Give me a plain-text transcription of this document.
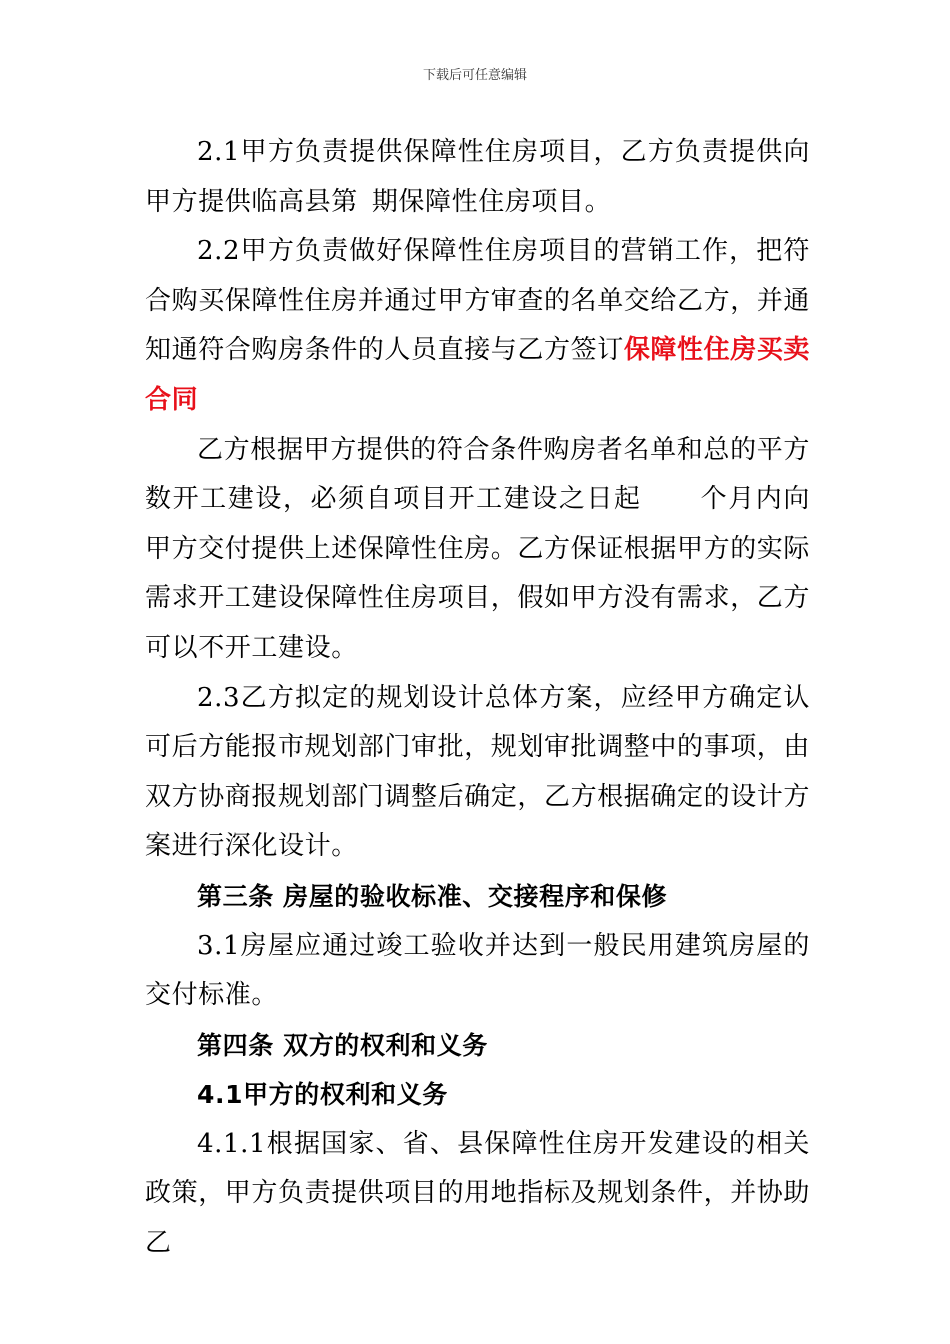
下载后可任意编辑

2.1甲方负责提供保障性住房项目，乙方负责提供向甲方提供临高县第 期保障性住房项目。

2.2甲方负责做好保障性住房项目的营销工作，把符合购买保障性住房并通过甲方审查的名单交给乙方，并通知通符合购房条件的人员直接与乙方签订保障性住房买卖合同

乙方根据甲方提供的符合条件购房者名单和总的平方数开工建设，必须自项目开工建设之日起 个月内向甲方交付提供上述保障性住房。乙方保证根据甲方的实际需求开工建设保障性住房项目，假如甲方没有需求，乙方可以不开工建设。

2.3乙方拟定的规划设计总体方案，应经甲方确定认可后方能报市规划部门审批，规划审批调整中的事项，由双方协商报规划部门调整后确定，乙方根据确定的设计方案进行深化设计。

第三条 房屋的验收标准、交接程序和保修

3.1房屋应通过竣工验收并达到一般民用建筑房屋的交付标准。

第四条 双方的权利和义务

4.1甲方的权利和义务

4.1.1根据国家、省、县保障性住房开发建设的相关政策，甲方负责提供项目的用地指标及规划条件，并协助乙
